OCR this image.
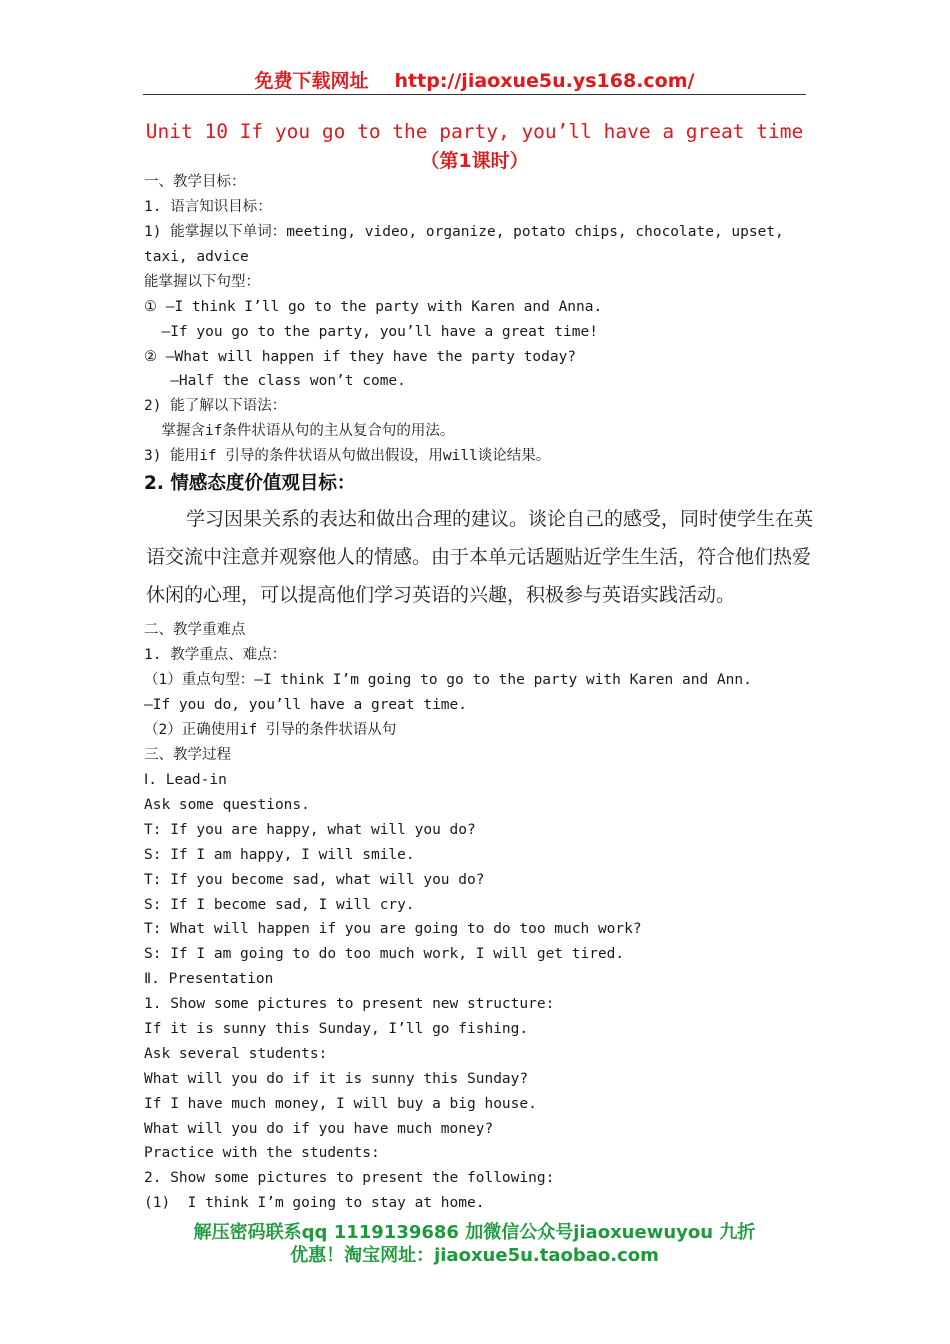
免费下载网址 http://jiaoxue5u.ys168.com/
Unit 10 If you go to the party, you’ll have a great time
（第1课时）
一、教学目标：
1. 语言知识目标：
1) 能掌握以下单词：meeting, video, organize, potato chips, chocolate, upset,
taxi, advice
能掌握以下句型：
① —I think I’ll go to the party with Karen and Anna.
—If you go to the party, you’ll have a great time!
② —What will happen if they have the party today?
—Half the class won’t come.
2) 能了解以下语法：
掌握含if条件状语从句的主从复合句的用法。
3) 能用if 引导的条件状语从句做出假设，用will谈论结果。
2. 情感态度价值观目标：
学习因果关系的表达和做出合理的建议。谈论自己的感受，同时使学生在英语交流中注意并观察他人的情感。由于本单元话题贴近学生生活，符合他们热爱休闲的心理，可以提高他们学习英语的兴趣，积极参与英语实践活动。
二、教学重难点
1. 教学重点、难点：
（1）重点句型：—I think I’m going to go to the party with Karen and Ann.
—If you do, you’ll have a great time.
（2）正确使用if 引导的条件状语从句
三、教学过程
Ⅰ. Lead-in
Ask some questions.
T: If you are happy, what will you do?
S: If I am happy, I will smile.
T: If you become sad, what will you do?
S: If I become sad, I will cry.
T: What will happen if you are going to do too much work?
S: If I am going to do too much work, I will get tired.
Ⅱ. Presentation
1. Show some pictures to present new structure:
If it is sunny this Sunday, I’ll go fishing.
Ask several students:
What will you do if it is sunny this Sunday?
If I have much money, I will buy a big house.
What will you do if you have much money?
Practice with the students:
2. Show some pictures to present the following:
(1)  I think I’m going to stay at home.
解压密码联系qq 1119139686 加微信公众号jiaoxuewuyou 九折
优惠！淘宝网址：jiaoxue5u.taobao.com
